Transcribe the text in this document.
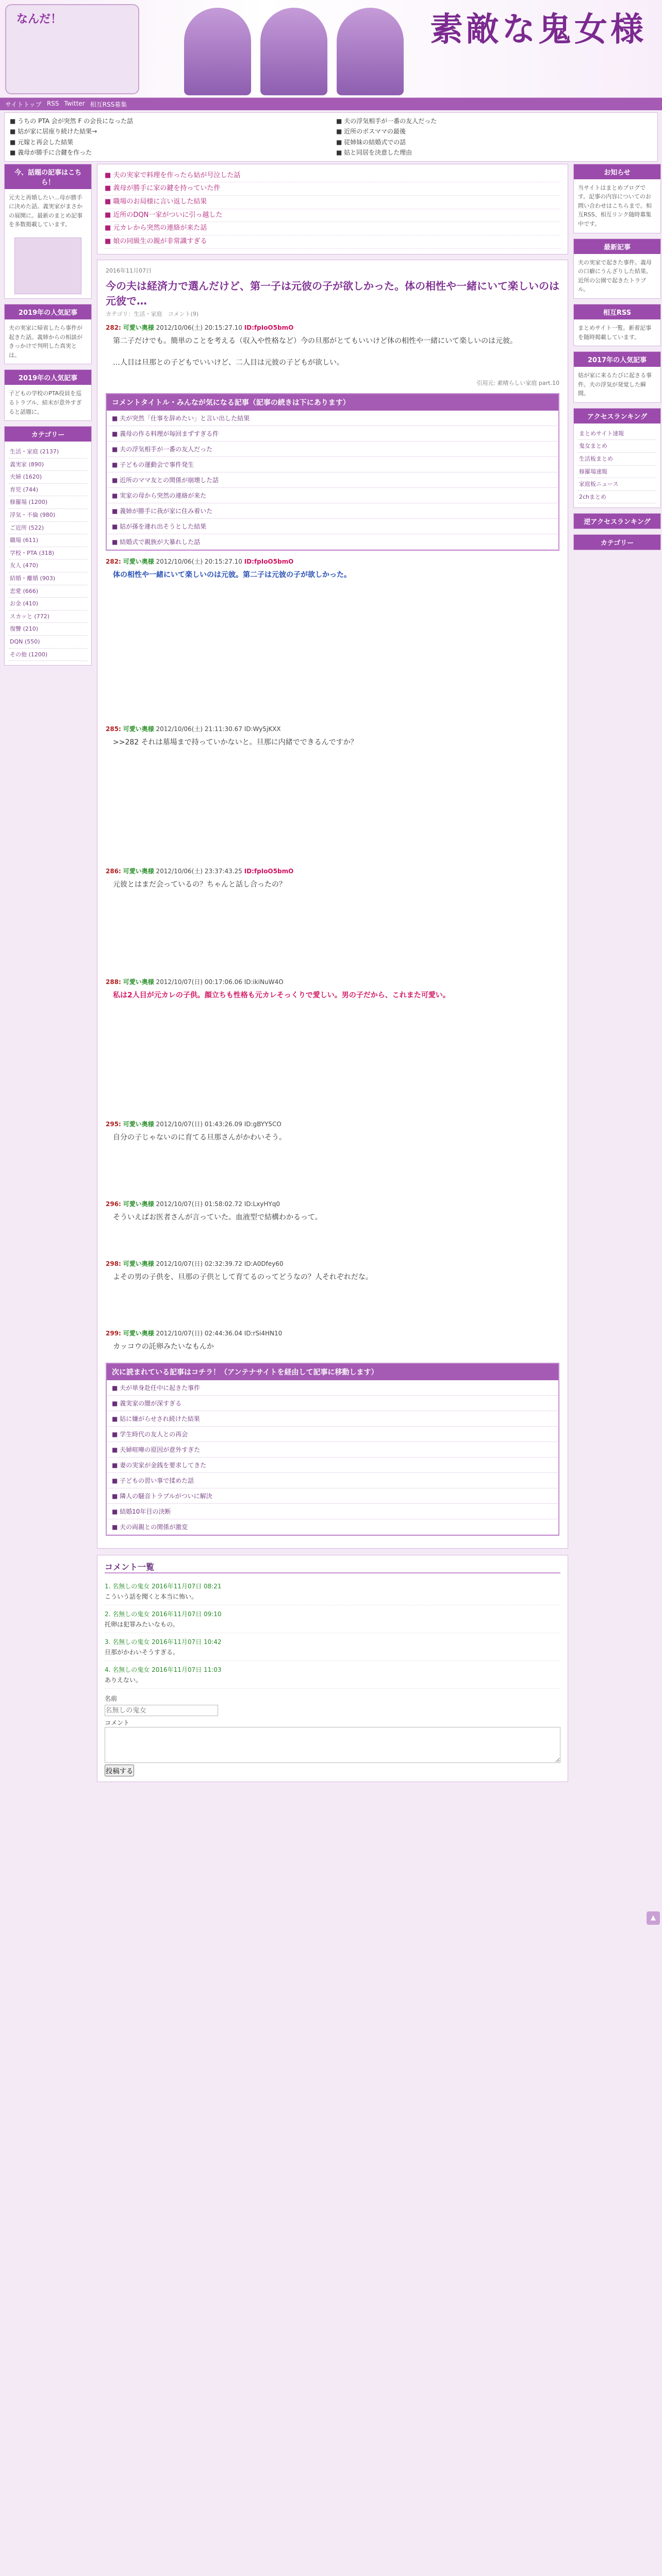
なんだ！	素敵な鬼女様
サイトトップ RSS Twitter 相互RSS募集
■ うちの PTA 会が突然 F の会長になった話
■ 姑が家に居座り続けた結果→
■ 元嫁と再会した結果
■ 義母が勝手に合鍵を作った
■ 夫の浮気相手が一番の友人だった
■ 近所のボスママの最後
■ 従姉妹の結婚式での話
■ 姑と同居を決意した理由
今、話題の記事はこちら！
元夫と再婚したい...母が勝手に決めた話。義実家がまさかの展開に。最新のまとめ記事を多数掲載しています。
2019年の人気記事
夫の実家に帰省したら事件が起きた話。義姉からの相談がきっかけで判明した真実とは。
2019年の人気記事
子どもの学校のPTA役員を巡るトラブル、結末が意外すぎると話題に。
カテゴリー
生活・家庭 (2137)
義実家 (890)
夫婦 (1620)
育児 (744)
修羅場 (1200)
浮気・不倫 (980)
ご近所 (522)
職場 (611)
学校・PTA (318)
友人 (470)
結婚・離婚 (903)
恋愛 (666)
お金 (410)
スカッと (772)
復讐 (210)
DQN (550)
その他 (1200)
■ 夫の実家で料理を作ったら姑が号泣した話
■ 義母が勝手に家の鍵を持っていた件
■ 職場のお局様に言い返した結果
■ 近所のDQN一家がついに引っ越した
■ 元カレから突然の連絡が来た話
■ 娘の同級生の親が非常識すぎる
2016年11月07日
今の夫は経済力で選んだけど、第一子は元彼の子が欲しかった。体の相性や一緒にいて楽しいのは元彼で…
カテゴリ：生活・家庭　コメント(9)
282: 可愛い奥様 2012/10/06(土) 20:15:27.10 ID:fpIoO5bmO
第二子だけでも。簡単のことを考える（収入や性格など）今の旦那がとてもいいけど体の相性や一緒にいて楽しいのは元彼。
…人目は旦那との子どもでいいけど、二人目は元彼の子どもが欲しい。
引用元: 素晴らしい家庭 part.10
コメントタイトル・みんなが気になる記事（記事の続きは下にあります）
■ 夫が突然「仕事を辞めたい」と言い出した結果
■ 義母の作る料理が毎回まずすぎる件
■ 夫の浮気相手が一番の友人だった
■ 子どもの運動会で事件発生
■ 近所のママ友との関係が崩壊した話
■ 実家の母から突然の連絡が来た
■ 義姉が勝手に我が家に住み着いた
■ 姑が孫を連れ出そうとした結果
■ 結婚式で親族が大暴れした話
282: 可愛い奥様 2012/10/06(土) 20:15:27.10 ID:fpIoO5bmO
体の相性や一緒にいて楽しいのは元彼。第二子は元彼の子が欲しかった。
285: 可愛い奥様 2012/10/06(土) 21:11:30.67 ID:Wy5jKXX
>>282 それは墓場まで持っていかないと。旦那に内緒でできるんですか？
286: 可愛い奥様 2012/10/06(土) 23:37:43.25 ID:fpIoO5bmO
元彼とはまだ会っているの？ちゃんと話し合ったの？
288: 可愛い奥様 2012/10/07(日) 00:17:06.06 ID:ikiNuW4O
私は2人目が元カレの子供。顔立ちも性格も元カレそっくりで愛しい。男の子だから、これまた可愛い。
295: 可愛い奥様 2012/10/07(日) 01:43:26.09 ID:gBYY5CO
自分の子じゃないのに育てる旦那さんがかわいそう。
296: 可愛い奥様 2012/10/07(日) 01:58:02.72 ID:LxyHYq0
そういえばお医者さんが言っていた。血液型で結構わかるって。
298: 可愛い奥様 2012/10/07(日) 02:32:39.72 ID:A0Dfey60
よその男の子供を、旦那の子供として育てるのってどうなの？人それぞれだな。
299: 可愛い奥様 2012/10/07(日) 02:44:36.04 ID:rSi4HN10
カッコウの託卵みたいなもんか
次に読まれている記事はコチラ！（アンテナサイトを経由して記事に移動します）
■ 夫が単身赴任中に起きた事件
■ 義実家の闇が深すぎる
■ 姑に嫌がらせされ続けた結果
■ 学生時代の友人との再会
■ 夫婦喧嘩の原因が意外すぎた
■ 妻の実家が金銭を要求してきた
■ 子どもの習い事で揉めた話
■ 隣人の騒音トラブルがついに解決
■ 結婚10年目の決断
■ 夫の両親との関係が激変
コメント一覧
1. 名無しの鬼女 2016年11月07日 08:21
こういう話を聞くと本当に怖い。
2. 名無しの鬼女 2016年11月07日 09:10
托卵は犯罪みたいなもの。
3. 名無しの鬼女 2016年11月07日 10:42
旦那がかわいそうすぎる。
4. 名無しの鬼女 2016年11月07日 11:03
ありえない。
名前
名無しの鬼女
コメント
投稿する
お知らせ
当サイトはまとめブログです。記事の内容についてのお問い合わせはこちらまで。相互RSS、相互リンク随時募集中です。
最新記事
夫の実家で起きた事件。義母の口癖にうんざりした結果。近所の公園で起きたトラブル。
相互RSS
まとめサイト一覧。新着記事を随時掲載しています。
2017年の人気記事
姑が家に来るたびに起きる事件。夫の浮気が発覚した瞬間。
アクセスランキング
まとめサイト速報
鬼女まとめ
生活板まとめ
修羅場速報
家庭板ニュース
2chまとめ
逆アクセスランキング
カテゴリー
▲
